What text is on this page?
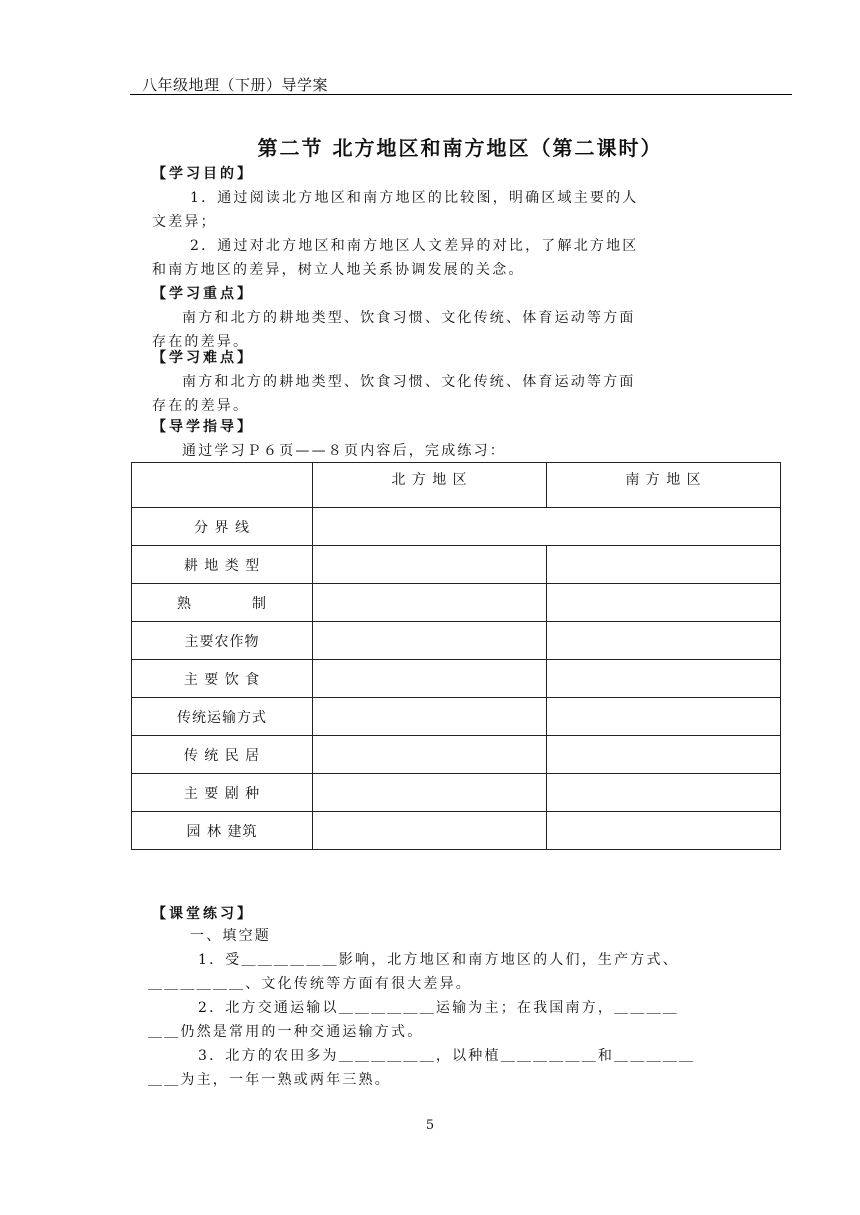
八年级地理（下册）导学案
第二节 北方地区和南方地区（第二课时）
【学习目的】
1．通过阅读北方地区和南方地区的比较图，明确区域主要的人
文差异；
2．通过对北方地区和南方地区人文差异的对比，了解北方地区
和南方地区的差异，树立人地关系协调发展的关念。
【学习重点】
南方和北方的耕地类型、饮食习惯、文化传统、体育运动等方面
存在的差异。
【学习难点】
南方和北方的耕地类型、饮食习惯、文化传统、体育运动等方面
存在的差异。
【导学指导】
通过学习Ｐ６页——８页内容后，完成练习：
	北 方 地 区	南 方 地 区
分 界 线		
耕 地 类 型		
熟           制		
主要农作物		
主 要 饮 食		
传统运输方式		
传 统 民 居		
主 要 剧 种		
园 林 建筑		
【课堂练习】
一、填空题
1．受＿＿＿＿＿＿影响，北方地区和南方地区的人们，生产方式、
＿＿＿＿＿＿、文化传统等方面有很大差异。
2．北方交通运输以＿＿＿＿＿＿运输为主；在我国南方，＿＿＿＿
＿＿仍然是常用的一种交通运输方式。
3．北方的农田多为＿＿＿＿＿＿，以种植＿＿＿＿＿＿和＿＿＿＿＿
＿＿为主，一年一熟或两年三熟。
5
